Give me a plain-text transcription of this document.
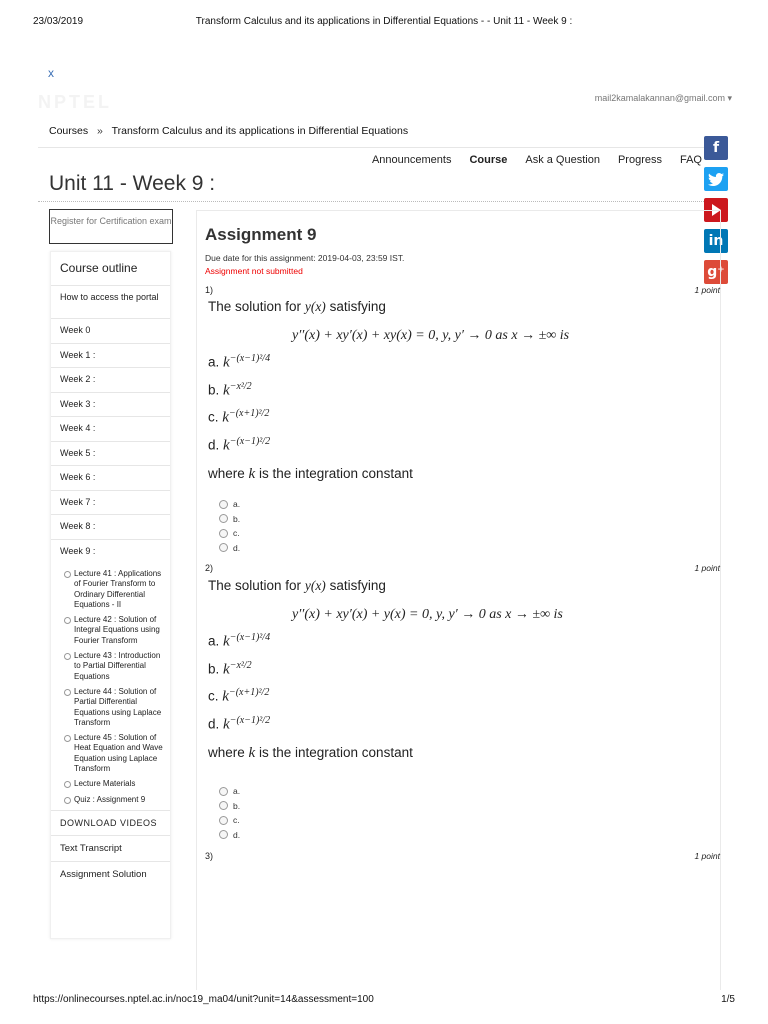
23/03/2019	Transform Calculus and its applications in Differential Equations - - Unit 11 - Week 9 :
x
NPTEL	mail2kamalakannan@gmail.com ▾
Courses » Transform Calculus and its applications in Differential Equations
Announcements Course Ask a Question Progress FAQ
Unit 11 - Week 9 :
f
in
g⁺
Register for Certification exam
Course outline
How to access the portal
Week 0
Week 1 :
Week 2 :
Week 3 :
Week 4 :
Week 5 :
Week 6 :
Week 7 :
Week 8 :
Week 9 :
Lecture 41 : Applications of Fourier Transform to Ordinary Differential Equations - II
Lecture 42 : Solution of Integral Equations using Fourier Transform
Lecture 43 : Introduction to Partial Differential Equations
Lecture 44 : Solution of Partial Differential Equations using Laplace Transform
Lecture 45 : Solution of Heat Equation and Wave Equation using Laplace Transform
Lecture Materials
Quiz : Assignment 9
DOWNLOAD VIDEOS
Text Transcript
Assignment Solution
Assignment 9
Due date for this assignment: 2019-04-03, 23:59 IST.
Assignment not submitted
1)	1 point
The solution for y(x) satisfying
y′′(x) + xy′(x) + xy(x) = 0, y, y′ → 0 as x → ±∞ is
a. $k^{-(x-1)^2/4}$
b. $k^{-x^2/2}$
c. $k^{-(x+1)^2/2}$
d. $k^{-(x-1)^2/2}$
where k is the integration constant
a.
b.
c.
d.
2)	1 point
The solution for y(x) satisfying
y′′(x) + xy′(x) + y(x) = 0, y, y′ → 0 as x → ±∞ is
a. $k^{-(x-1)^2/4}$
b. $k^{-x^2/2}$
c. $k^{-(x+1)^2/2}$
d. $k^{-(x-1)^2/2}$
where k is the integration constant
a.
b.
c.
d.
3)	1 point
https://onlinecourses.nptel.ac.in/noc19_ma04/unit?unit=14&assessment=100	1/5
